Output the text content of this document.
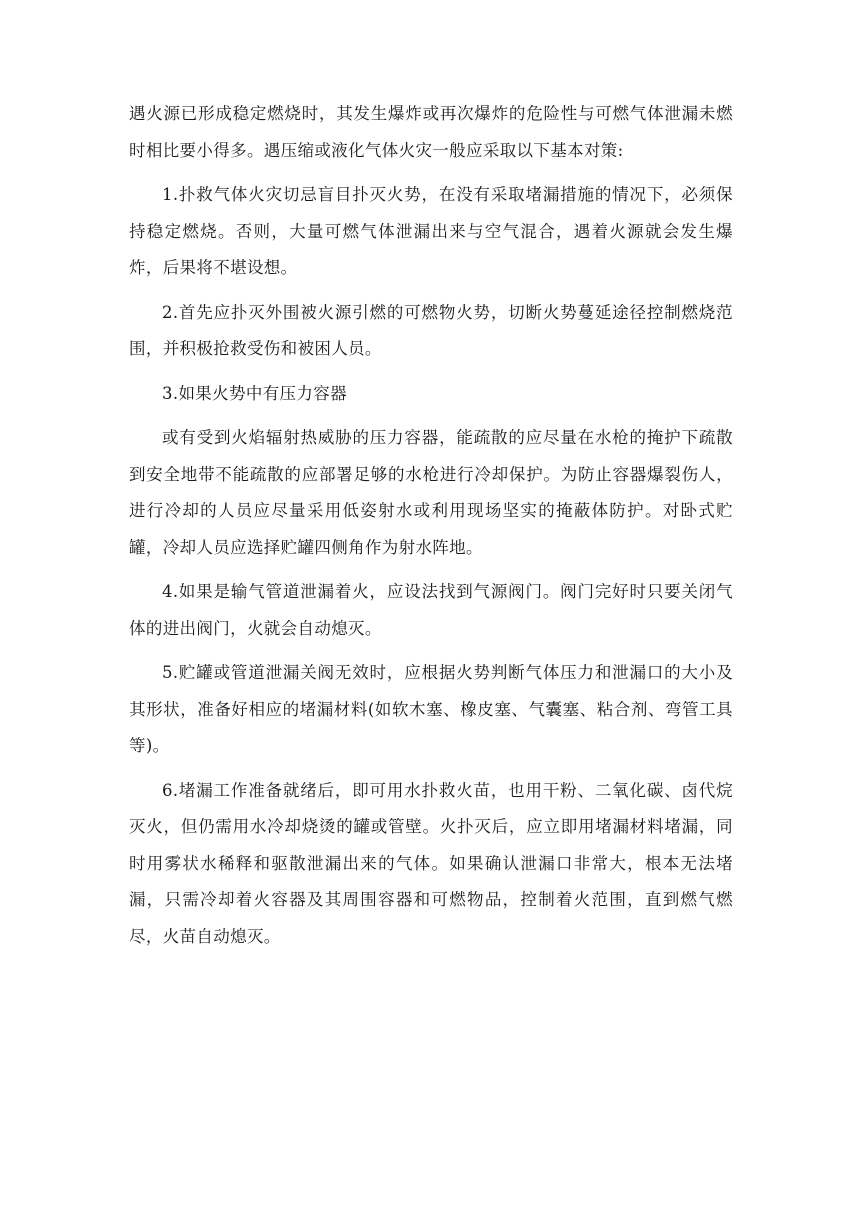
遇火源已形成稳定燃烧时，其发生爆炸或再次爆炸的危险性与可燃气体泄漏未燃时相比要小得多。遇压缩或液化气体火灾一般应采取以下基本对策:

1.扑救气体火灾切忌盲目扑灭火势，在没有采取堵漏措施的情况下，必须保持稳定燃烧。否则，大量可燃气体泄漏出来与空气混合，遇着火源就会发生爆炸，后果将不堪设想。

2.首先应扑灭外围被火源引燃的可燃物火势，切断火势蔓延途径控制燃烧范围，并积极抢救受伤和被困人员。

3.如果火势中有压力容器

或有受到火焰辐射热威胁的压力容器，能疏散的应尽量在水枪的掩护下疏散到安全地带不能疏散的应部署足够的水枪进行冷却保护。为防止容器爆裂伤人，进行冷却的人员应尽量采用低姿射水或利用现场坚实的掩蔽体防护。对卧式贮罐，冷却人员应选择贮罐四侧角作为射水阵地。

4.如果是输气管道泄漏着火，应设法找到气源阀门。阀门完好时只要关闭气体的进出阀门，火就会自动熄灭。

5.贮罐或管道泄漏关阀无效时，应根据火势判断气体压力和泄漏口的大小及其形状，准备好相应的堵漏材料(如软木塞、橡皮塞、气囊塞、粘合剂、弯管工具等)。

6.堵漏工作准备就绪后，即可用水扑救火苗，也用干粉、二氧化碳、卤代烷灭火，但仍需用水冷却烧烫的罐或管壁。火扑灭后，应立即用堵漏材料堵漏，同时用雾状水稀释和驱散泄漏出来的气体。如果确认泄漏口非常大，根本无法堵漏，只需冷却着火容器及其周围容器和可燃物品，控制着火范围，直到燃气燃尽，火苗自动熄灭。
